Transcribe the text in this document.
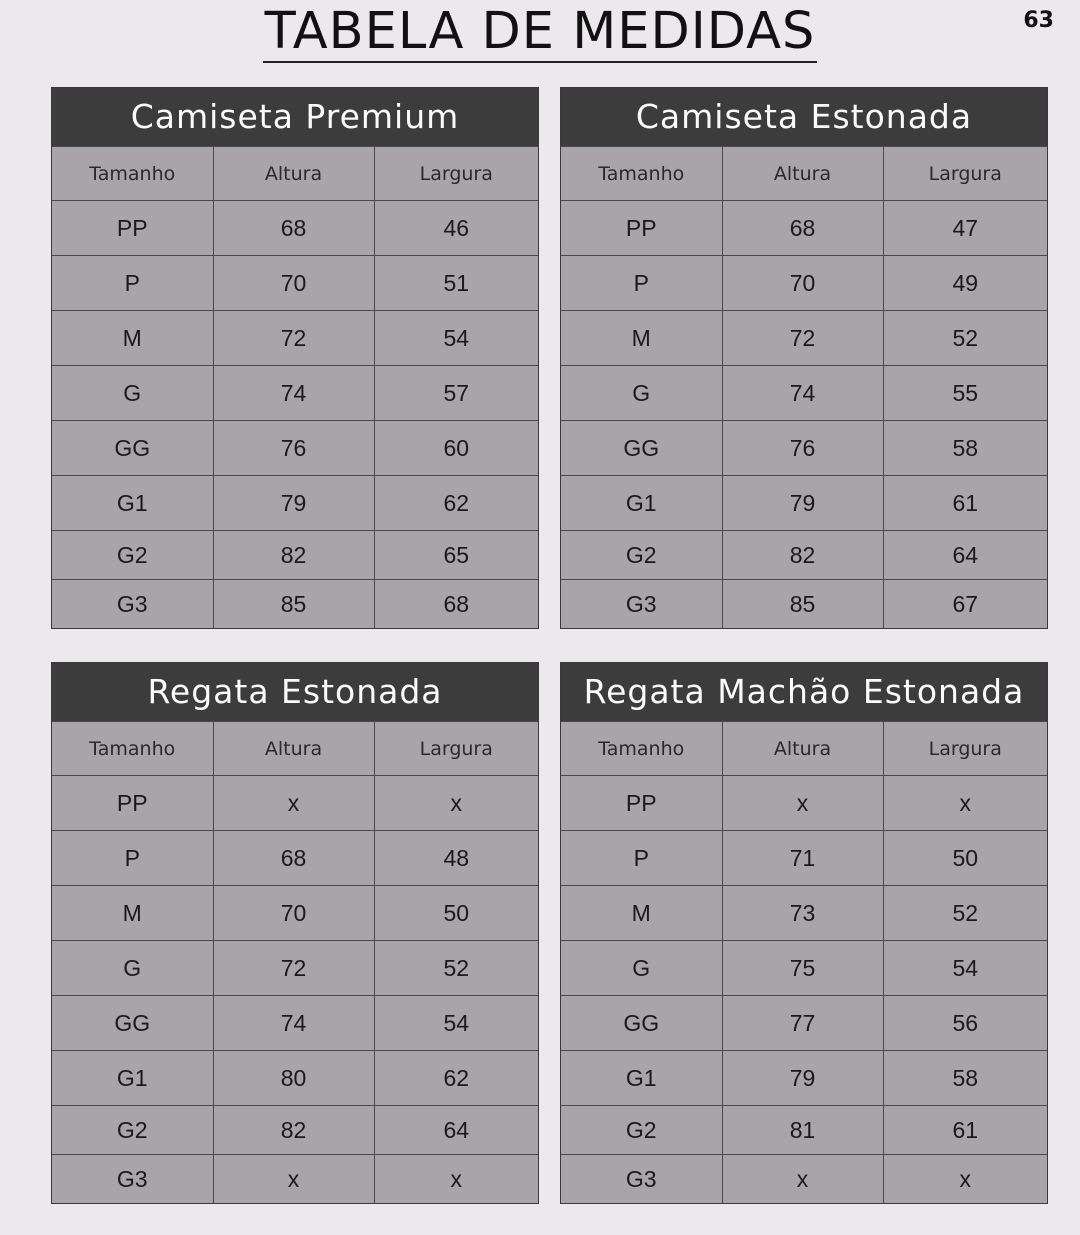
TABELA DE MEDIDAS	63
Camiseta Premium
Tamanho	Altura	Largura
PP	68	46
P	70	51
M	72	54
G	74	57
GG	76	60
G1	79	62
G2	82	65
G3	85	68
Camiseta Estonada
Tamanho	Altura	Largura
PP	68	47
P	70	49
M	72	52
G	74	55
GG	76	58
G1	79	61
G2	82	64
G3	85	67
Regata Estonada
Tamanho	Altura	Largura
PP	x	x
P	68	48
M	70	50
G	72	52
GG	74	54
G1	80	62
G2	82	64
G3	x	x
Regata Machão Estonada
Tamanho	Altura	Largura
PP	x	x
P	71	50
M	73	52
G	75	54
GG	77	56
G1	79	58
G2	81	61
G3	x	x
